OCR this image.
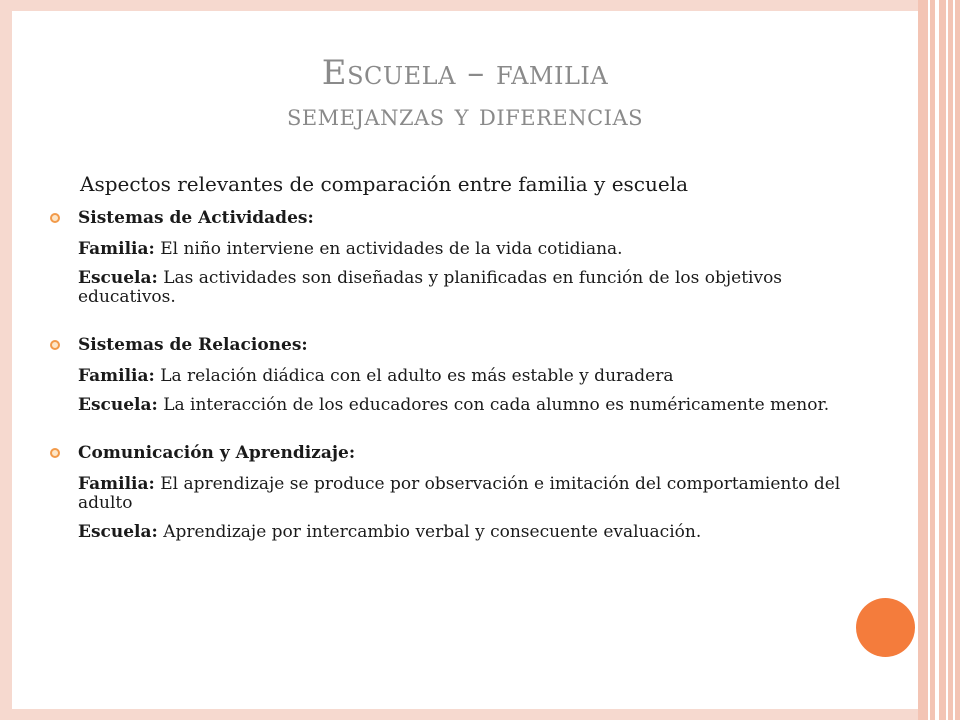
Escuela – familia
semejanzas y diferencias
Aspectos relevantes de comparación entre familia y escuela

Sistemas de Actividades:

Familia: El niño interviene en actividades de la vida cotidiana.
Escuela: Las actividades son diseñadas y planificadas en función de los objetivos educativos.

Sistemas de Relaciones:

Familia: La relación diádica con el adulto es más estable y duradera
Escuela: La interacción de los educadores con cada alumno es numéricamente menor.

Comunicación y Aprendizaje:

Familia: El aprendizaje se produce por observación e imitación del comportamiento del adulto
Escuela: Aprendizaje por intercambio verbal y consecuente evaluación.
